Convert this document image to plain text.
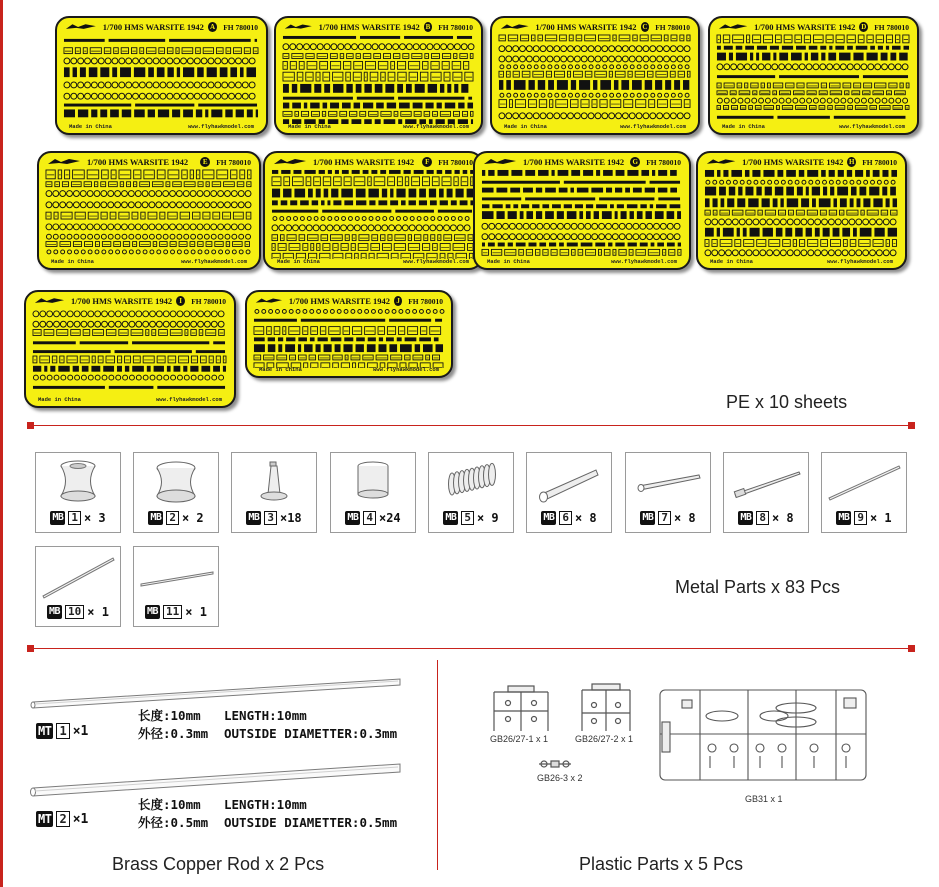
1/700 HMS WARSITE 1942 A FH 780010
Made in China	www.flyhawkmodel.com
1/700 HMS WARSITE 1942 B FH 780010
Made in China	www.flyhawkmodel.com
1/700 HMS WARSITE 1942 C FH 780010
Made in China	www.flyhawkmodel.com
1/700 HMS WARSITE 1942 D FH 780010
Made in China	www.flyhawkmodel.com
1/700 HMS WARSITE 1942	E	FH 780010
Made in China	www.flyhawkmodel.com
1/700 HMS WARSITE 1942	F	FH 780010
Made in China	www.flyhawkmodel.com
1/700 HMS WARSITE 1942	G	FH 780010
Made in China	www.flyhawkmodel.com
1/700 HMS WARSITE 1942 H FH 780010
Made in China	www.flyhawkmodel.com
1/700 HMS WARSITE 1942	I	FH 780010
Made in China	www.flyhawkmodel.com
1/700 HMS WARSITE 1942 J	FH 780010
Made in China	www.flyhawkmodel.com
PE x 10 sheets
MB 1 × 3	MB 2 × 2	MB 3 ×18	MB 4 ×24	MB 5 × 9	MB 6 × 8	MB 7 × 8	MB 8 × 8	MB 9 × 1
MB 10 × 1	MB 11 × 1
Metal Parts x 83 Pcs
MT 1 ×1
长度:10mm LENGTH:10mm
外径:0.3mm OUTSIDE DIAMETTER:0.3mm
MT 2 ×1
长度:10mm LENGTH:10mm
外径:0.5mm OUTSIDE DIAMETTER:0.5mm
Brass Copper Rod x 2 Pcs
GB26/27-1 x 1	GB26/27-2 x 1
GB26-3 x 2
GB31 x 1
Plastic Parts x 5 Pcs
